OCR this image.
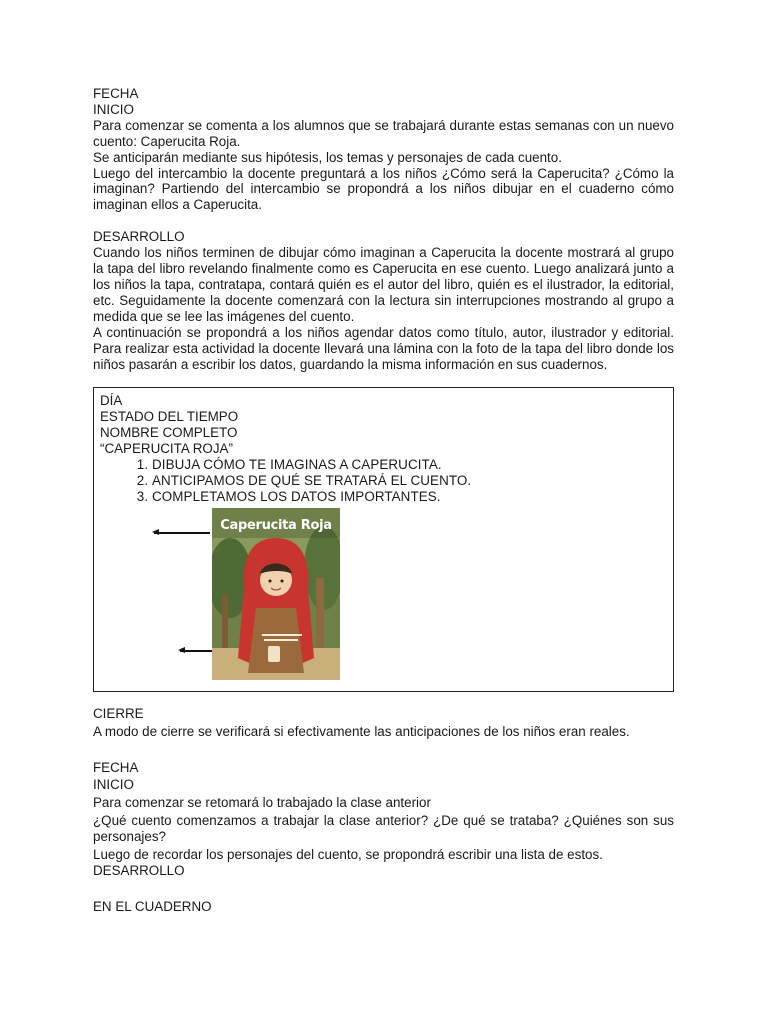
FECHA

INICIO

Para comenzar se comenta a los alumnos que se trabajará durante estas semanas con un nuevo cuento: Caperucita Roja.

Se anticiparán mediante sus hipótesis, los temas y personajes de cada cuento.

Luego del intercambio la docente preguntará a los niños ¿Cómo será la Caperucita? ¿Cómo la imaginan? Partiendo del intercambio se propondrá a los niños dibujar en el cuaderno cómo imaginan ellos a Caperucita.

DESARROLLO

Cuando los niños terminen de dibujar cómo imaginan a Caperucita la docente mostrará al grupo la tapa del libro revelando finalmente como es Caperucita en ese cuento. Luego analizará junto a los niños la tapa, contratapa, contará quién es el autor del libro, quién es el ilustrador, la editorial, etc. Seguidamente la docente comenzará con la lectura sin interrupciones mostrando al grupo a medida que se lee las imágenes del cuento.

A continuación se propondrá a los niños agendar datos como título, autor, ilustrador y editorial. Para realizar esta actividad la docente llevará una lámina con la foto de la tapa del libro donde los niños pasarán a escribir los datos, guardando la misma información en sus cuadernos.

DÍA
ESTADO DEL TIEMPO
NOMBRE COMPLETO
“CAPERUCITA ROJA”
1. DIBUJA CÓMO TE IMAGINAS A CAPERUCITA.
2. ANTICIPAMOS DE QUÉ SE TRATARÁ EL CUENTO.
3. COMPLETAMOS LOS DATOS IMPORTANTES.
Caperucita Roja

CIERRE

A modo de cierre se verificará si efectivamente las anticipaciones de los niños eran reales.

FECHA

INICIO

Para comenzar se retomará lo trabajado la clase anterior

¿Qué cuento comenzamos a trabajar la clase anterior? ¿De qué se trataba? ¿Quiénes son sus personajes?

Luego de recordar los personajes del cuento, se propondrá escribir una lista de estos.

DESARROLLO

EN EL CUADERNO
